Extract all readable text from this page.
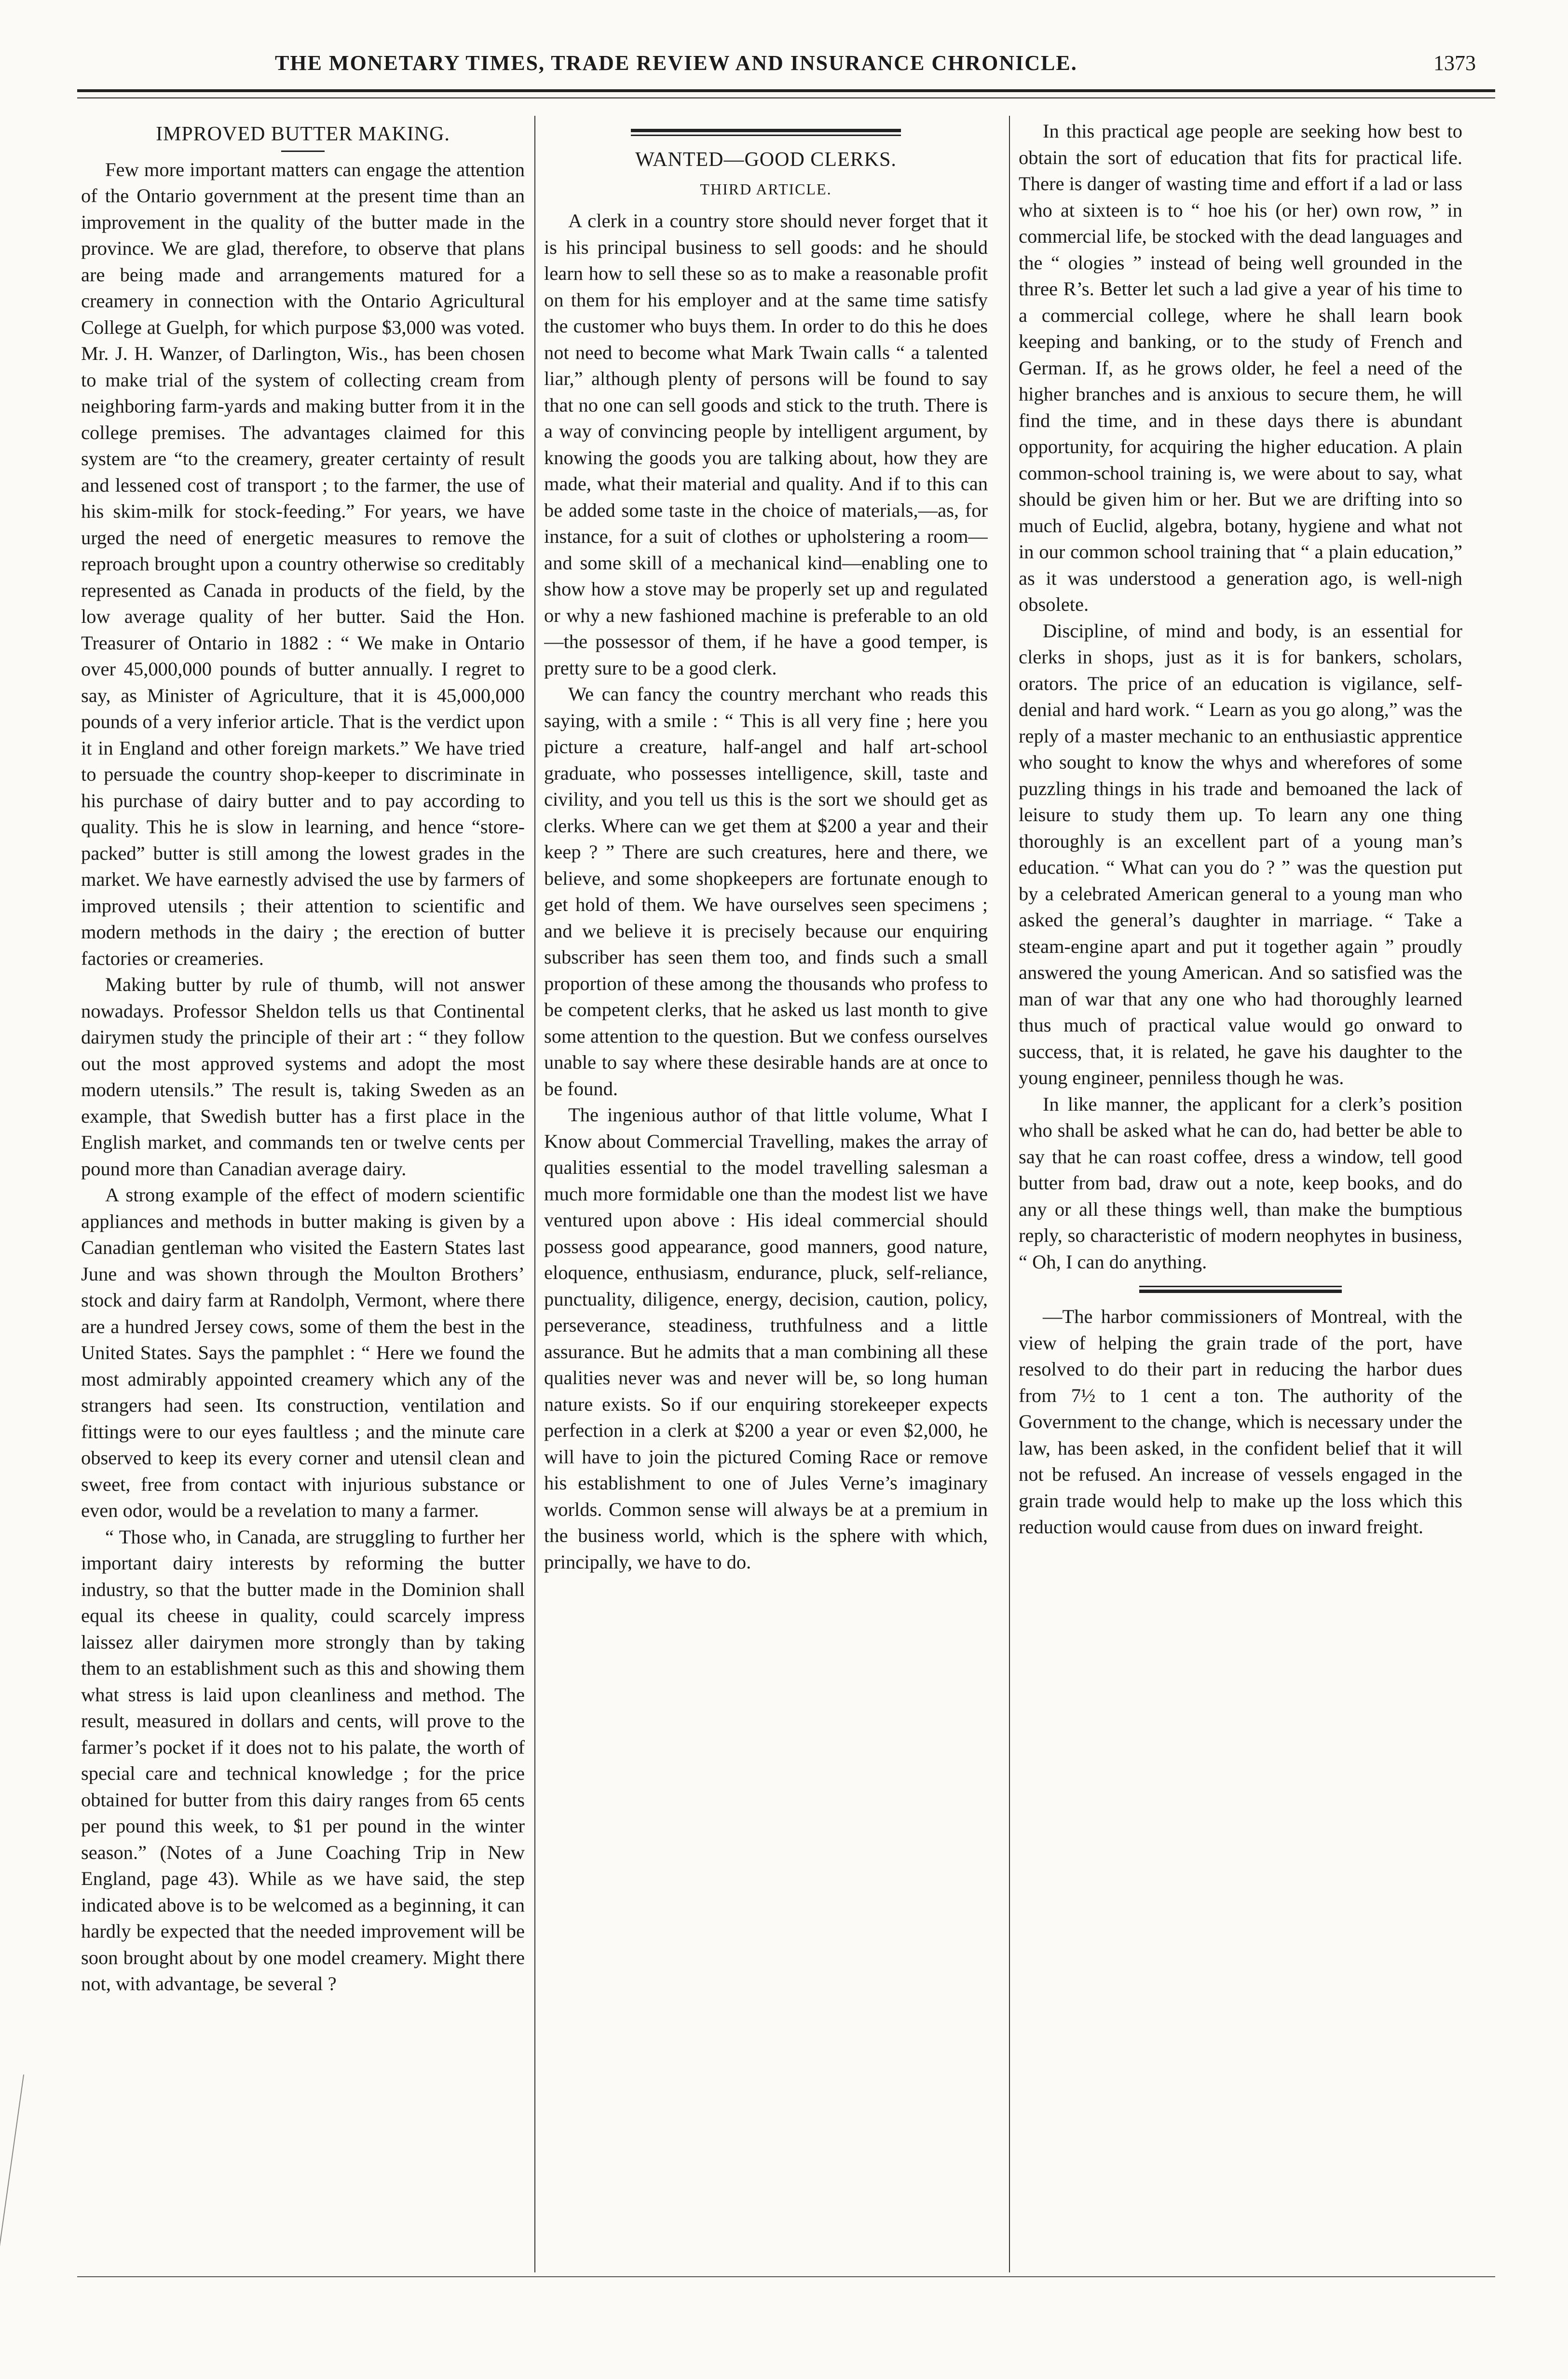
THE MONETARY TIMES, TRADE REVIEW AND INSURANCE CHRONICLE.	1373
IMPROVED BUTTER MAKING.

Few more important matters can engage the attention of the Ontario government at the present time than an improvement in the quality of the butter made in the province. We are glad, therefore, to observe that plans are being made and arrangements matured for a creamery in connection with the Ontario Agricultural College at Guelph, for which purpose $3,000 was voted. Mr. J. H. Wanzer, of Darlington, Wis., has been chosen to make trial of the system of collecting cream from neighboring farm-yards and making butter from it in the college premises. The advantages claimed for this system are “to the creamery, greater certainty of result and lessened cost of transport ; to the farmer, the use of his skim-milk for stock-feeding.” For years, we have urged the need of energetic measures to remove the reproach brought upon a country otherwise so creditably represented as Canada in products of the field, by the low average quality of her butter. Said the Hon. Treasurer of Ontario in 1882 : “ We make in Ontario over 45,000,000 pounds of butter annually. I regret to say, as Minister of Agriculture, that it is 45,000,000 pounds of a very inferior article. That is the verdict upon it in England and other foreign markets.” We have tried to persuade the country shop-keeper to discriminate in his purchase of dairy butter and to pay according to quality. This he is slow in learning, and hence “store-packed” butter is still among the lowest grades in the market. We have earnestly advised the use by farmers of improved utensils ; their attention to scientific and modern methods in the dairy ; the erection of butter factories or creameries.

Making butter by rule of thumb, will not answer nowadays. Professor Sheldon tells us that Continental dairymen study the principle of their art : “ they follow out the most approved systems and adopt the most modern utensils.” The result is, taking Sweden as an example, that Swedish butter has a first place in the English market, and commands ten or twelve cents per pound more than Canadian average dairy.

A strong example of the effect of modern scientific appliances and methods in butter making is given by a Canadian gentleman who visited the Eastern States last June and was shown through the Moulton Brothers’ stock and dairy farm at Randolph, Vermont, where there are a hundred Jersey cows, some of them the best in the United States. Says the pamphlet : “ Here we found the most admirably appointed creamery which any of the strangers had seen. Its construction, ventilation and fittings were to our eyes faultless ; and the minute care observed to keep its every corner and utensil clean and sweet, free from contact with injurious substance or even odor, would be a revelation to many a farmer.

“ Those who, in Canada, are struggling to further her important dairy interests by reforming the butter industry, so that the butter made in the Dominion shall equal its cheese in quality, could scarcely impress laissez aller dairymen more strongly than by taking them to an establishment such as this and showing them what stress is laid upon cleanliness and method. The result, measured in dollars and cents, will prove to the farmer’s pocket if it does not to his palate, the worth of special care and technical knowledge ; for the price obtained for butter from this dairy ranges from 65 cents per pound this week, to $1 per pound in the winter season.” (Notes of a June Coaching Trip in New England, page 43). While as we have said, the step indicated above is to be welcomed as a beginning, it can hardly be expected that the needed improvement will be soon brought about by one model creamery. Might there not, with advantage, be several ?

WANTED—GOOD CLERKS.
THIRD ARTICLE.

A clerk in a country store should never forget that it is his principal business to sell goods: and he should learn how to sell these so as to make a reasonable profit on them for his employer and at the same time satisfy the customer who buys them. In order to do this he does not need to become what Mark Twain calls “ a talented liar,” although plenty of persons will be found to say that no one can sell goods and stick to the truth. There is a way of convincing people by intelligent argument, by knowing the goods you are talking about, how they are made, what their material and quality. And if to this can be added some taste in the choice of materials,—as, for instance, for a suit of clothes or upholstering a room—and some skill of a mechanical kind—enabling one to show how a stove may be properly set up and regulated or why a new fashioned machine is preferable to an old—the possessor of them, if he have a good temper, is pretty sure to be a good clerk.

We can fancy the country merchant who reads this saying, with a smile : “ This is all very fine ; here you picture a creature, half-angel and half art-school graduate, who possesses intelligence, skill, taste and civility, and you tell us this is the sort we should get as clerks. Where can we get them at $200 a year and their keep ? ” There are such creatures, here and there, we believe, and some shopkeepers are fortunate enough to get hold of them. We have ourselves seen specimens ; and we believe it is precisely because our enquiring subscriber has seen them too, and finds such a small proportion of these among the thousands who profess to be competent clerks, that he asked us last month to give some attention to the question. But we confess ourselves unable to say where these desirable hands are at once to be found.

The ingenious author of that little volume, What I Know about Commercial Travelling, makes the array of qualities essential to the model travelling salesman a much more formidable one than the modest list we have ventured upon above : His ideal commercial should possess good appearance, good manners, good nature, eloquence, enthusiasm, endurance, pluck, self-reliance, punctuality, diligence, energy, decision, caution, policy, perseverance, steadiness, truthfulness and a little assurance. But he admits that a man combining all these qualities never was and never will be, so long human nature exists. So if our enquiring storekeeper expects perfection in a clerk at $200 a year or even $2,000, he will have to join the pictured Coming Race or remove his establishment to one of Jules Verne’s imaginary worlds. Common sense will always be at a premium in the business world, which is the sphere with which, principally, we have to do.

In this practical age people are seeking how best to obtain the sort of education that fits for practical life. There is danger of wasting time and effort if a lad or lass who at sixteen is to “ hoe his (or her) own row, ” in commercial life, be stocked with the dead languages and the “ ologies ” instead of being well grounded in the three R’s. Better let such a lad give a year of his time to a commercial college, where he shall learn book keeping and banking, or to the study of French and German. If, as he grows older, he feel a need of the higher branches and is anxious to secure them, he will find the time, and in these days there is abundant opportunity, for acquiring the higher education. A plain common-school training is, we were about to say, what should be given him or her. But we are drifting into so much of Euclid, algebra, botany, hygiene and what not in our common school training that “ a plain education,” as it was understood a generation ago, is well-nigh obsolete.

Discipline, of mind and body, is an essential for clerks in shops, just as it is for bankers, scholars, orators. The price of an education is vigilance, self-denial and hard work. “ Learn as you go along,” was the reply of a master mechanic to an enthusiastic apprentice who sought to know the whys and wherefores of some puzzling things in his trade and bemoaned the lack of leisure to study them up. To learn any one thing thoroughly is an excellent part of a young man’s education. “ What can you do ? ” was the question put by a celebrated American general to a young man who asked the general’s daughter in marriage. “ Take a steam-engine apart and put it together again ” proudly answered the young American. And so satisfied was the man of war that any one who had thoroughly learned thus much of practical value would go onward to success, that, it is related, he gave his daughter to the young engineer, penniless though he was.

In like manner, the applicant for a clerk’s position who shall be asked what he can do, had better be able to say that he can roast coffee, dress a window, tell good butter from bad, draw out a note, keep books, and do any or all these things well, than make the bumptious reply, so characteristic of modern neophytes in business, “ Oh, I can do anything.

—The harbor commissioners of Montreal, with the view of helping the grain trade of the port, have resolved to do their part in reducing the harbor dues from 7½ to 1 cent a ton. The authority of the Government to the change, which is necessary under the law, has been asked, in the confident belief that it will not be refused. An increase of vessels engaged in the grain trade would help to make up the loss which this reduction would cause from dues on inward freight.
